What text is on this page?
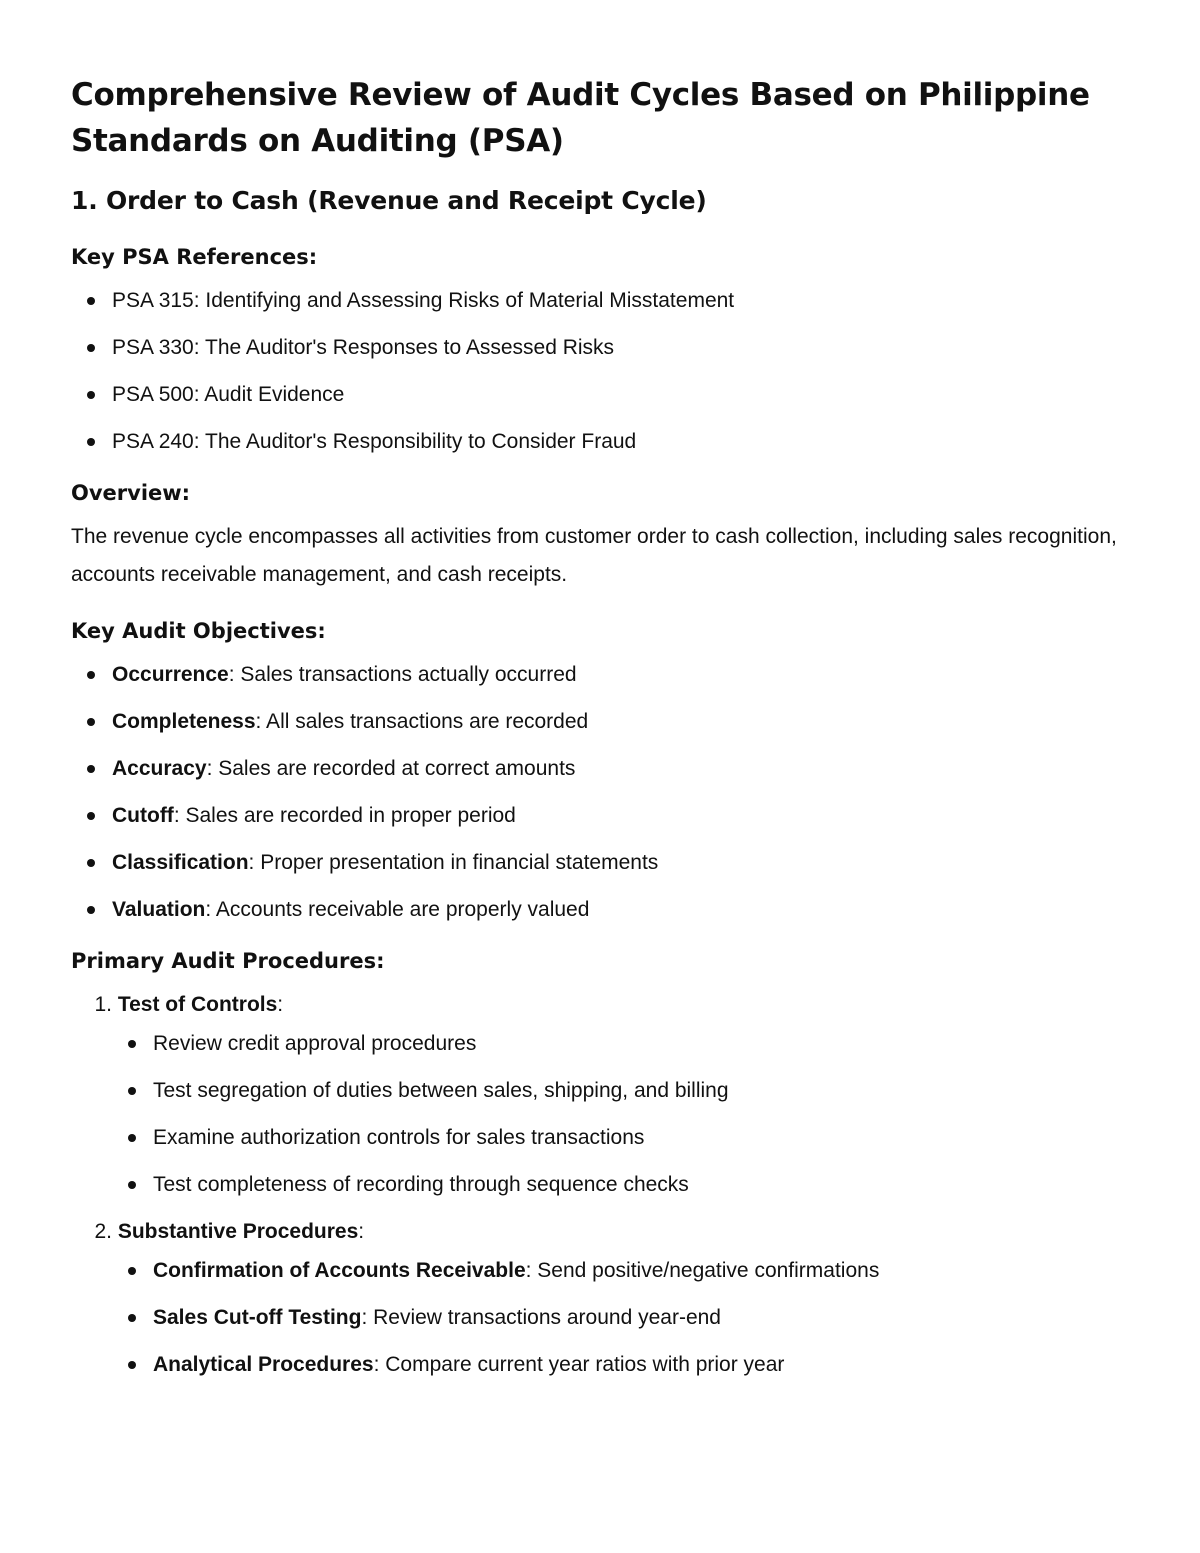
Comprehensive Review of Audit Cycles Based on Philippine Standards on Auditing (PSA)
1. Order to Cash (Revenue and Receipt Cycle)
Key PSA References:
PSA 315: Identifying and Assessing Risks of Material Misstatement
PSA 330: The Auditor's Responses to Assessed Risks
PSA 500: Audit Evidence
PSA 240: The Auditor's Responsibility to Consider Fraud
Overview:

The revenue cycle encompasses all activities from customer order to cash collection, including sales recognition, accounts receivable management, and cash receipts.

Key Audit Objectives:
Occurrence: Sales transactions actually occurred
Completeness: All sales transactions are recorded
Accuracy: Sales are recorded at correct amounts
Cutoff: Sales are recorded in proper period
Classification: Proper presentation in financial statements
Valuation: Accounts receivable are properly valued
Primary Audit Procedures:
1. Test of Controls:
Review credit approval procedures
Test segregation of duties between sales, shipping, and billing
Examine authorization controls for sales transactions
Test completeness of recording through sequence checks
2. Substantive Procedures:
Confirmation of Accounts Receivable: Send positive/negative confirmations
Sales Cut-off Testing: Review transactions around year-end
Analytical Procedures: Compare current year ratios with prior year
